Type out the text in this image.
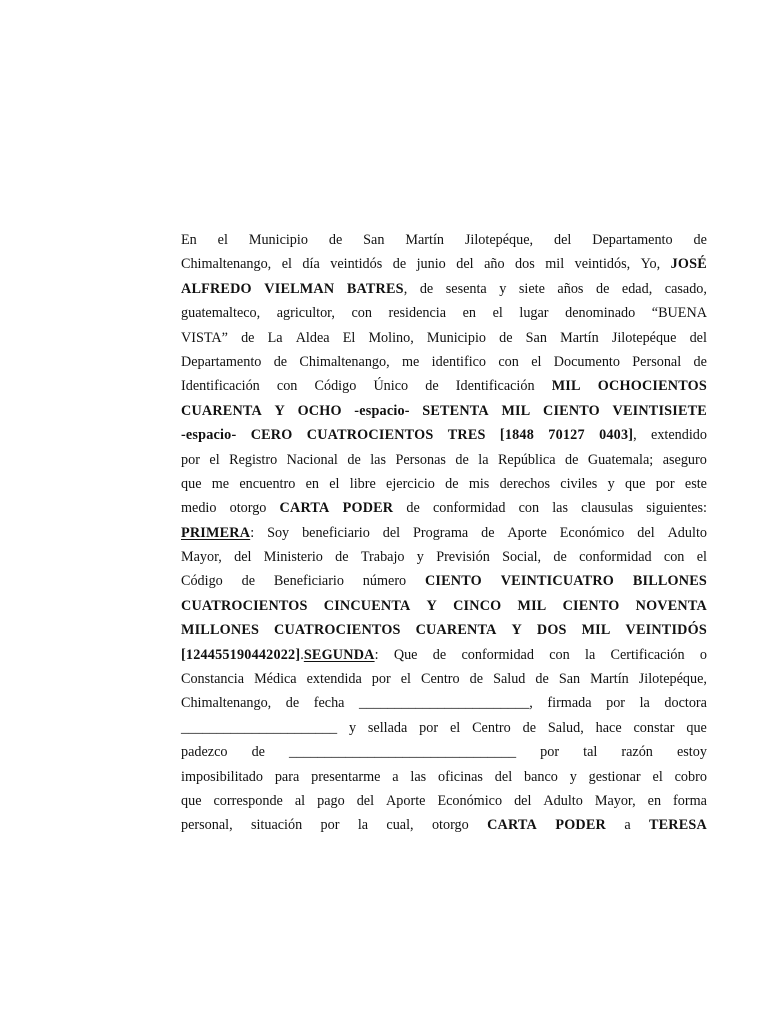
En el Municipio de San Martín Jilotepéque, del Departamento de
Chimaltenango, el día veintidós de junio del año dos mil veintidós, Yo, JOSÉ
ALFREDO VIELMAN BATRES, de sesenta y siete años de edad, casado,
guatemalteco, agricultor, con residencia en el lugar denominado “BUENA
VISTA” de La Aldea El Molino, Municipio de San Martín Jilotepéque del
Departamento de Chimaltenango, me identifico con el Documento Personal de
Identificación con Código Único de Identificación MIL OCHOCIENTOS
CUARENTA Y OCHO -espacio- SETENTA MIL CIENTO VEINTISIETE
-espacio- CERO CUATROCIENTOS TRES [1848 70127 0403], extendido
por el Registro Nacional de las Personas de la República de Guatemala; aseguro
que me encuentro en el libre ejercicio de mis derechos civiles y que por este
medio otorgo CARTA PODER de conformidad con las clausulas siguientes:
PRIMERA: Soy beneficiario del Programa de Aporte Económico del Adulto
Mayor, del Ministerio de Trabajo y Previsión Social, de conformidad con el
Código de Beneficiario número CIENTO VEINTICUATRO BILLONES
CUATROCIENTOS CINCUENTA Y CINCO MIL CIENTO NOVENTA
MILLONES CUATROCIENTOS CUARENTA Y DOS MIL VEINTIDÓS
[124455190442022].SEGUNDA: Que de conformidad con la Certificación o
Constancia Médica extendida por el Centro de Salud de San Martín Jilotepéque,
Chimaltenango, de fecha ________________________, firmada por la doctora
______________________ y sellada por el Centro de Salud, hace constar que
padezco de ________________________________ por tal razón estoy
imposibilitado para presentarme a las oficinas del banco y gestionar el cobro
que corresponde al pago del Aporte Económico del Adulto Mayor, en forma
personal, situación por la cual, otorgo CARTA PODER a TERESA
